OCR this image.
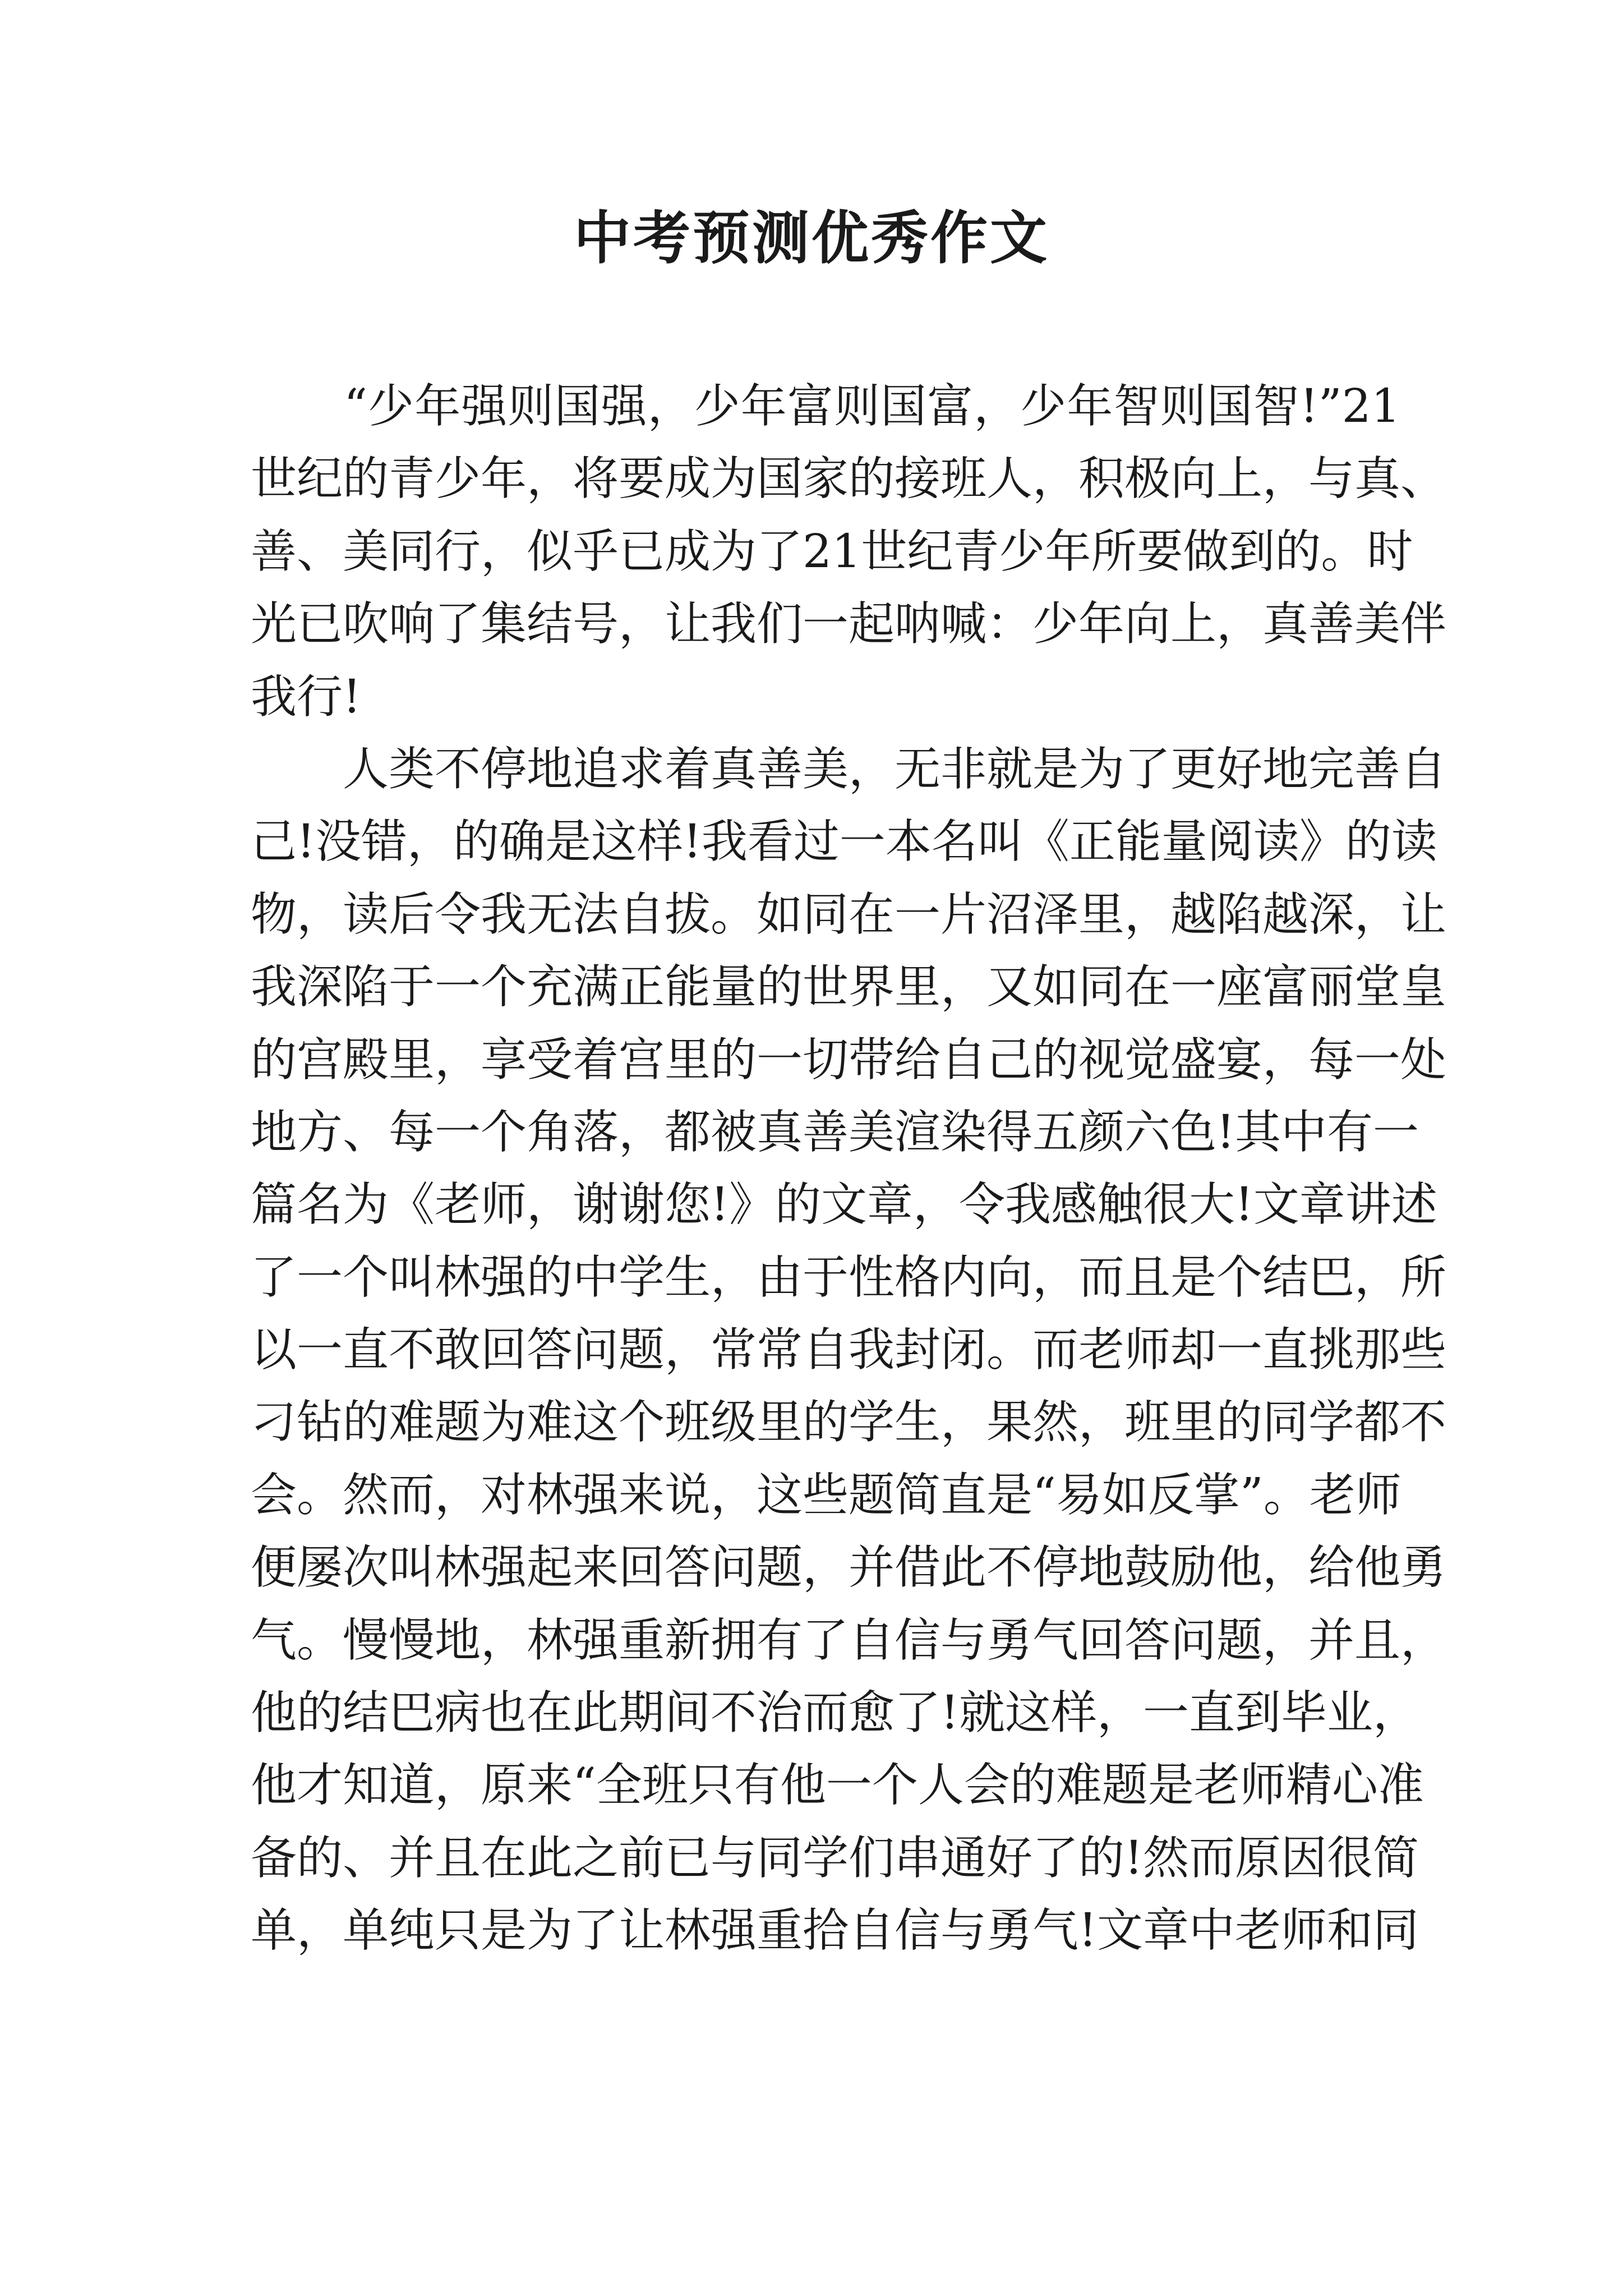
中考预测优秀作文
　　“少年强则国强，少年富则国富，少年智则国智!”21
世纪的青少年，将要成为国家的接班人，积极向上，与真、
善、美同行，似乎已成为了21世纪青少年所要做到的。时
光已吹响了集结号，让我们一起呐喊：少年向上，真善美伴
我行!
　　人类不停地追求着真善美，无非就是为了更好地完善自
己!没错，的确是这样!我看过一本名叫《正能量阅读》的读
物，读后令我无法自拔。如同在一片沼泽里，越陷越深，让
我深陷于一个充满正能量的世界里，又如同在一座富丽堂皇
的宫殿里，享受着宫里的一切带给自己的视觉盛宴，每一处
地方、每一个角落，都被真善美渲染得五颜六色!其中有一
篇名为《老师，谢谢您!》的文章，令我感触很大!文章讲述
了一个叫林强的中学生，由于性格内向，而且是个结巴，所
以一直不敢回答问题，常常自我封闭。而老师却一直挑那些
刁钻的难题为难这个班级里的学生，果然，班里的同学都不
会。然而，对林强来说，这些题简直是“易如反掌”。老师
便屡次叫林强起来回答问题，并借此不停地鼓励他，给他勇
气。慢慢地，林强重新拥有了自信与勇气回答问题，并且，
他的结巴病也在此期间不治而愈了!就这样，一直到毕业，
他才知道，原来“全班只有他一个人会的难题是老师精心准
备的、并且在此之前已与同学们串通好了的!然而原因很简
单，单纯只是为了让林强重拾自信与勇气!文章中老师和同
